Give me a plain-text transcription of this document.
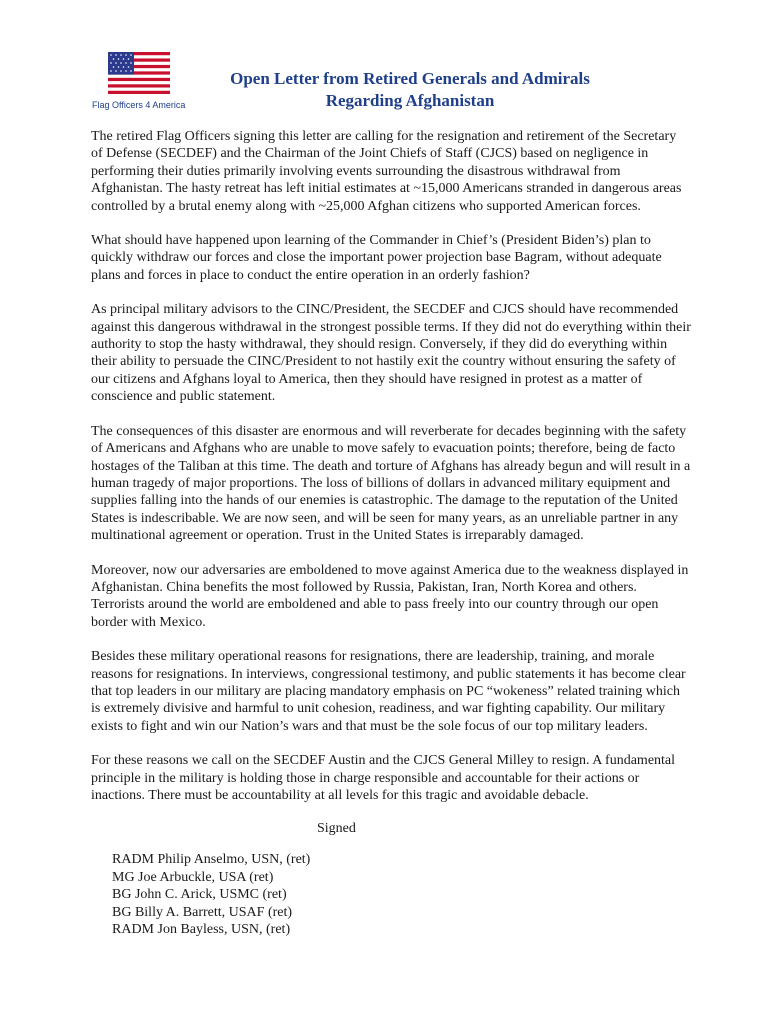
Flag Officers 4 America
Open Letter from Retired Generals and Admirals
Regarding Afghanistan

The retired Flag Officers signing this letter are calling for the resignation and retirement of the Secretary of Defense (SECDEF) and the Chairman of the Joint Chiefs of Staff (CJCS) based on negligence in performing their duties primarily involving events surrounding the disastrous withdrawal from Afghanistan. The hasty retreat has left initial estimates at ~15,000 Americans stranded in dangerous areas controlled by a brutal enemy along with ~25,000 Afghan citizens who supported American forces.

What should have happened upon learning of the Commander in Chief’s (President Biden’s) plan to quickly withdraw our forces and close the important power projection base Bagram, without adequate plans and forces in place to conduct the entire operation in an orderly fashion?

As principal military advisors to the CINC/President, the SECDEF and CJCS should have recommended against this dangerous withdrawal in the strongest possible terms. If they did not do everything within their authority to stop the hasty withdrawal, they should resign. Conversely, if they did do everything within their ability to persuade the CINC/President to not hastily exit the country without ensuring the safety of our citizens and Afghans loyal to America, then they should have resigned in protest as a matter of conscience and public statement.

The consequences of this disaster are enormous and will reverberate for decades beginning with the safety of Americans and Afghans who are unable to move safely to evacuation points; therefore, being de facto hostages of the Taliban at this time. The death and torture of Afghans has already begun and will result in a human tragedy of major proportions. The loss of billions of dollars in advanced military equipment and supplies falling into the hands of our enemies is catastrophic. The damage to the reputation of the United States is indescribable. We are now seen, and will be seen for many years, as an unreliable partner in any multinational agreement or operation. Trust in the United States is irreparably damaged.

Moreover, now our adversaries are emboldened to move against America due to the weakness displayed in Afghanistan. China benefits the most followed by Russia, Pakistan, Iran, North Korea and others. Terrorists around the world are emboldened and able to pass freely into our country through our open border with Mexico.

Besides these military operational reasons for resignations, there are leadership, training, and morale reasons for resignations. In interviews, congressional testimony, and public statements it has become clear that top leaders in our military are placing mandatory emphasis on PC “wokeness” related training which is extremely divisive and harmful to unit cohesion, readiness, and war fighting capability. Our military exists to fight and win our Nation’s wars and that must be the sole focus of our top military leaders.

For these reasons we call on the SECDEF Austin and the CJCS General Milley to resign. A fundamental principle in the military is holding those in charge responsible and accountable for their actions or inactions. There must be accountability at all levels for this tragic and avoidable debacle.

Signed
RADM Philip Anselmo, USN, (ret)
MG Joe Arbuckle, USA (ret)
BG John C. Arick, USMC (ret)
BG Billy A. Barrett, USAF (ret)
RADM Jon Bayless, USN, (ret)
